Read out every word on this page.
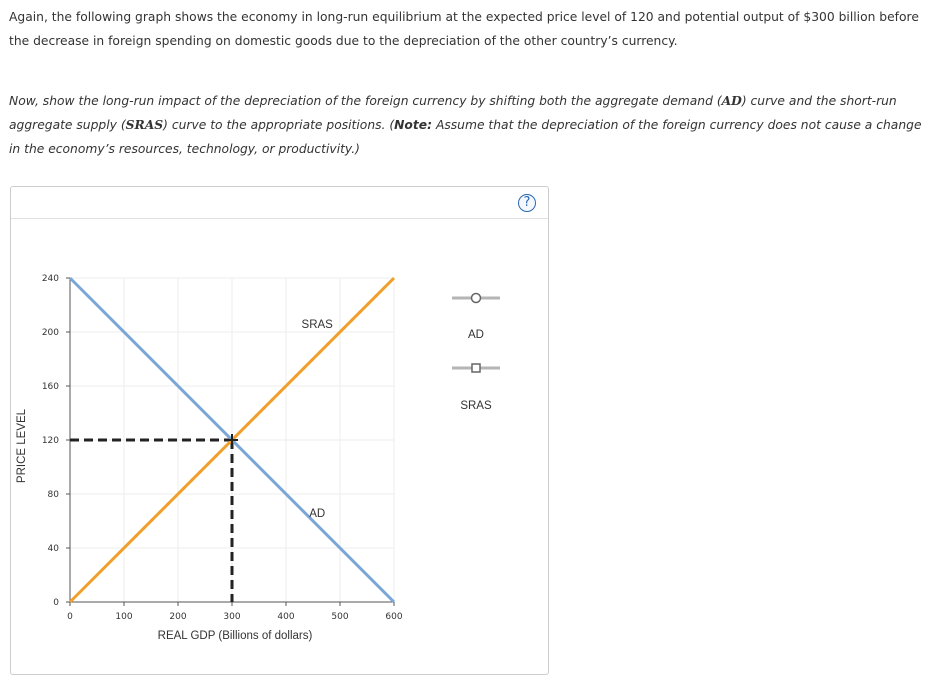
Again, the following graph shows the economy in long-run equilibrium at the expected price level of 120 and potential output of $300 billion before the decrease in foreign spending on domestic goods due to the depreciation of the other country’s currency.

Now, show the long-run impact of the depreciation of the foreign currency by shifting both the aggregate demand (AD) curve and the short-run aggregate supply (SRAS) curve to the appropriate positions. (Note: Assume that the depreciation of the foreign currency does not cause a change in the economy’s resources, technology, or productivity.)

?
0	100	200	300	400	500	600
0
40
80
120
160
200
240
REAL GDP (Billions of dollars)
PRICE LEVEL
AD
SRAS
AD
SRAS
